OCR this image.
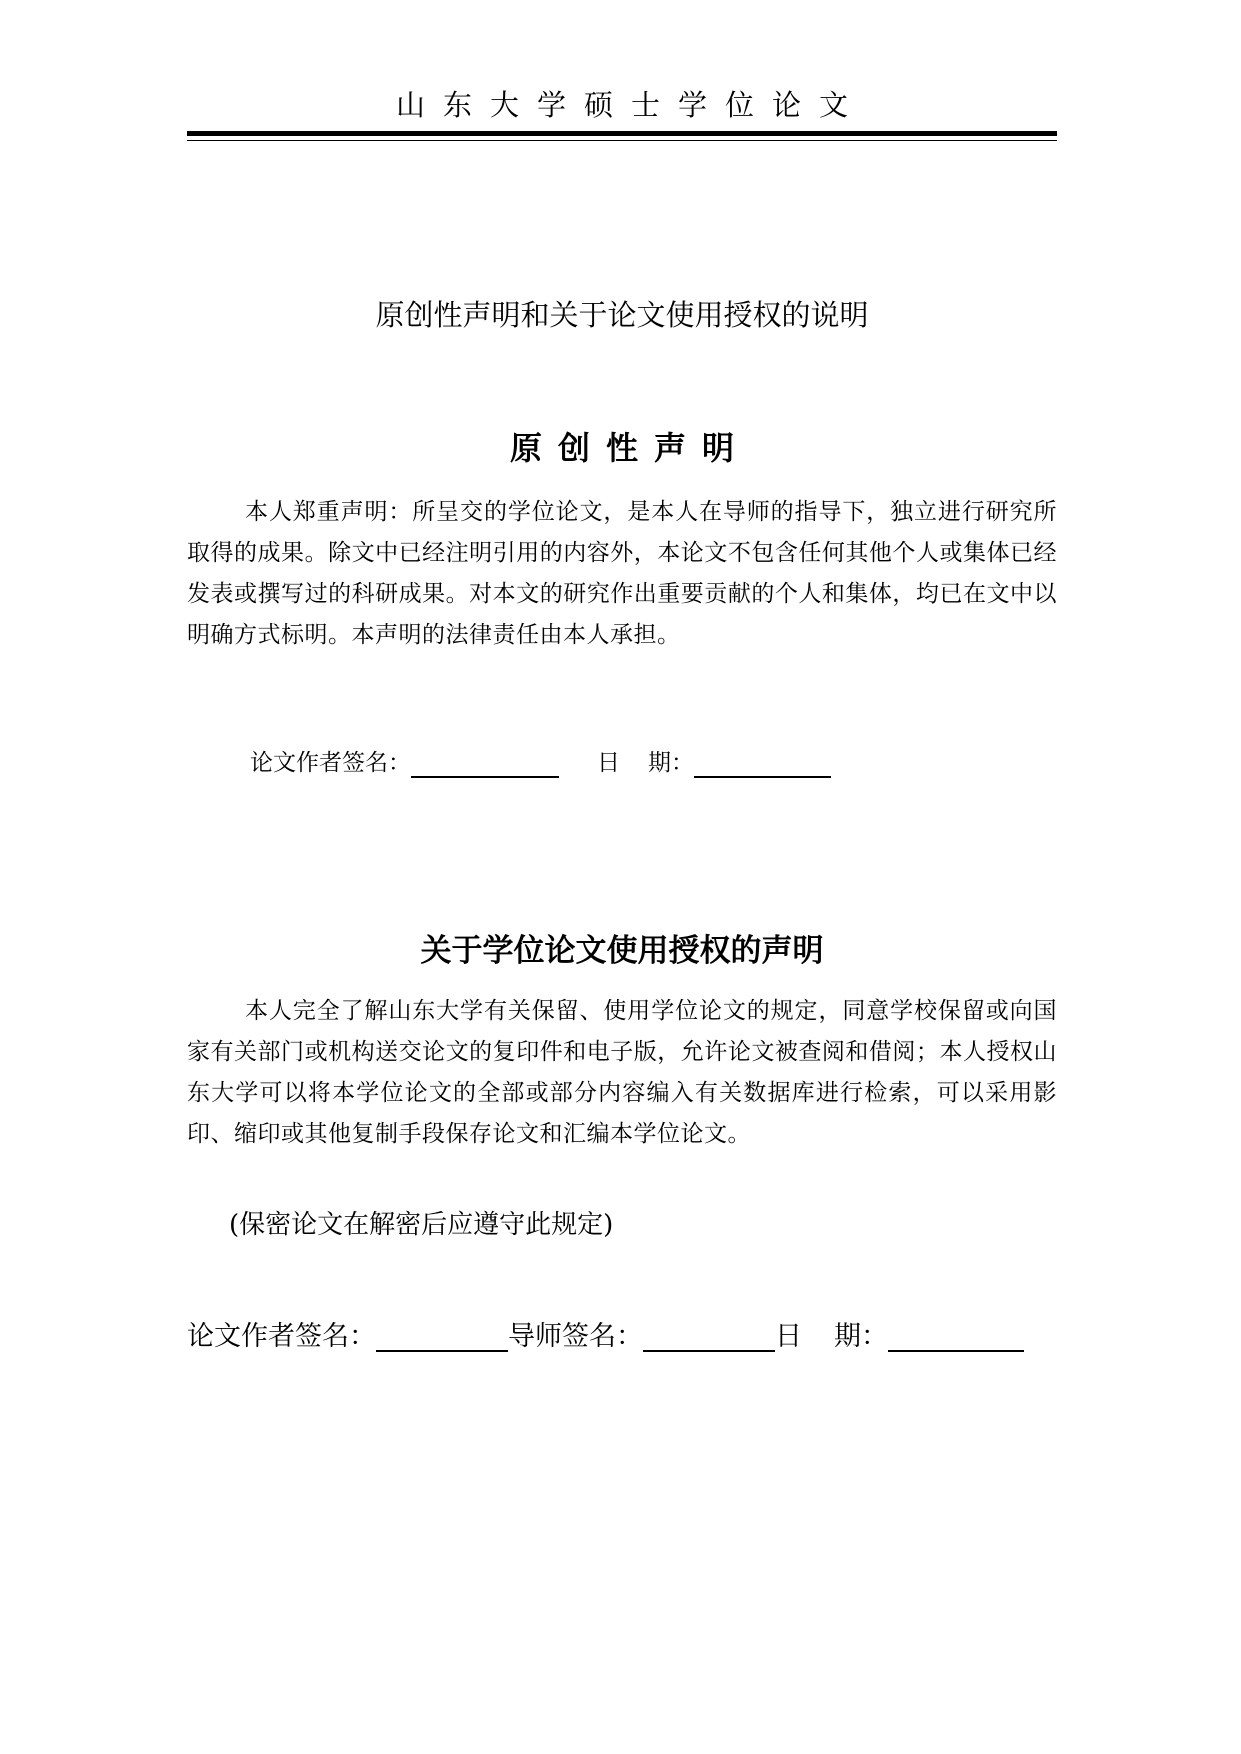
山东大学硕士学位论文
原创性声明和关于论文使用授权的说明
原创性声明

本人郑重声明：所呈交的学位论文，是本人在导师的指导下，独立进行研究所取得的成果。除文中已经注明引用的内容外，本论文不包含任何其他个人或集体已经发表或撰写过的科研成果。对本文的研究作出重要贡献的个人和集体，均已在文中以明确方式标明。本声明的法律责任由本人承担。

论文作者签名：	日 期：
关于学位论文使用授权的声明

本人完全了解山东大学有关保留、使用学位论文的规定，同意学校保留或向国家有关部门或机构送交论文的复印件和电子版，允许论文被查阅和借阅；本人授权山东大学可以将本学位论文的全部或部分内容编入有关数据库进行检索，可以采用影印、缩印或其他复制手段保存论文和汇编本学位论文。

(保密论文在解密后应遵守此规定)
论文作者签名：	导师签名：	日 期：
